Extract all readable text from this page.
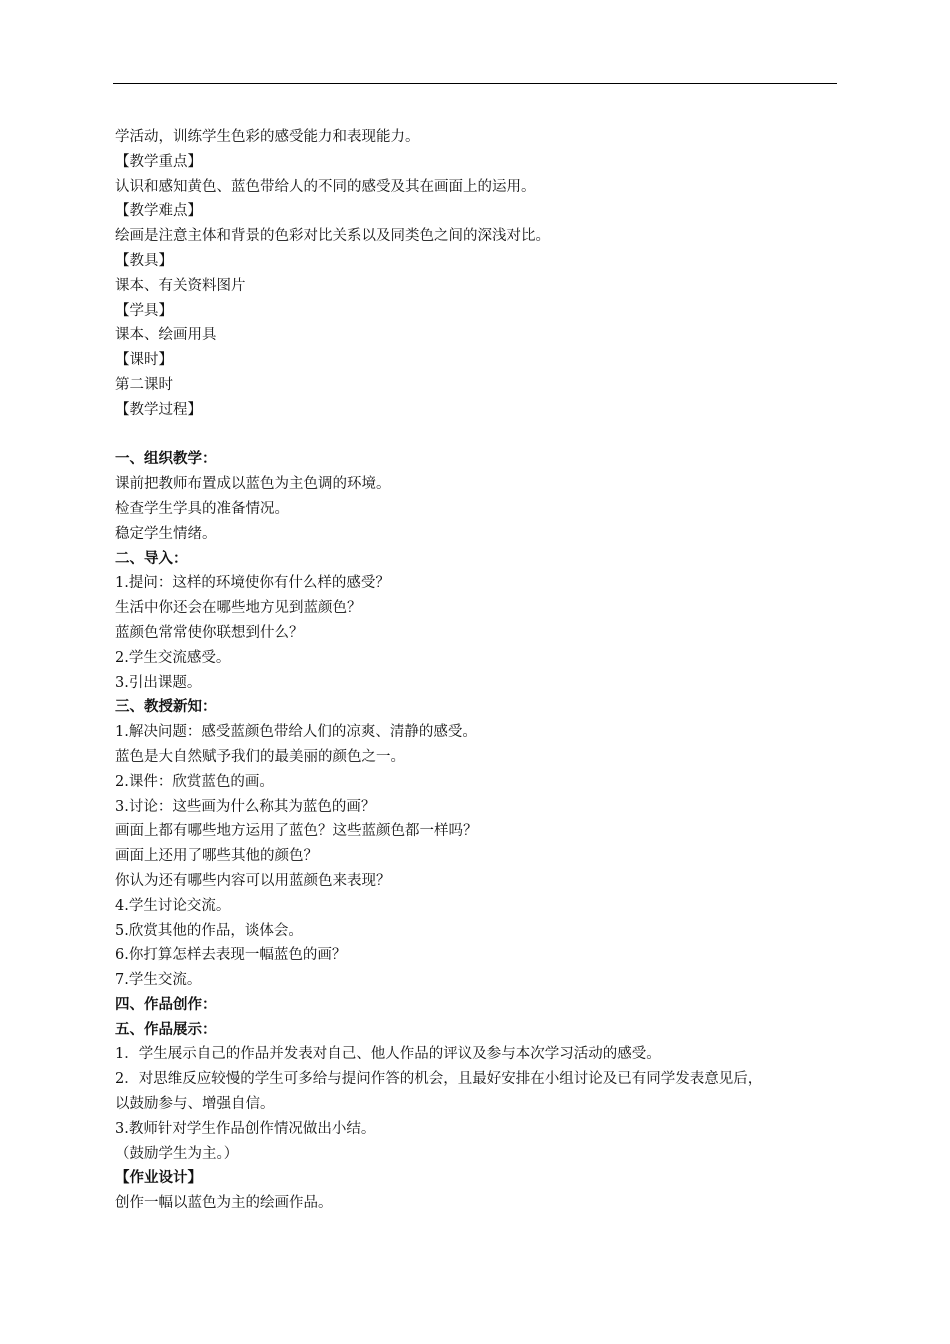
学活动，训练学生色彩的感受能力和表现能力。
【教学重点】
认识和感知黄色、蓝色带给人的不同的感受及其在画面上的运用。
【教学难点】
绘画是注意主体和背景的色彩对比关系以及同类色之间的深浅对比。
【教具】
课本、有关资料图片
【学具】
课本、绘画用具
【课时】
第二课时
【教学过程】
一、组织教学：
课前把教师布置成以蓝色为主色调的环境。
检查学生学具的准备情况。
稳定学生情绪。
二、导入：
1.提问：这样的环境使你有什么样的感受？
生活中你还会在哪些地方见到蓝颜色？
蓝颜色常常使你联想到什么？
2.学生交流感受。
3.引出课题。
三、教授新知：
1.解决问题：感受蓝颜色带给人们的凉爽、清静的感受。
蓝色是大自然赋予我们的最美丽的颜色之一。
2.课件：欣赏蓝色的画。
3.讨论：这些画为什么称其为蓝色的画？
画面上都有哪些地方运用了蓝色？这些蓝颜色都一样吗？
画面上还用了哪些其他的颜色？
你认为还有哪些内容可以用蓝颜色来表现？
4.学生讨论交流。
5.欣赏其他的作品，谈体会。
6.你打算怎样去表现一幅蓝色的画？
7.学生交流。
四、作品创作：
五、作品展示：
1．学生展示自己的作品并发表对自己、他人作品的评议及参与本次学习活动的感受。
2．对思维反应较慢的学生可多给与提问作答的机会，且最好安排在小组讨论及已有同学发表意见后，
以鼓励参与、增强自信。
3.教师针对学生作品创作情况做出小结。
（鼓励学生为主。）
【作业设计】
创作一幅以蓝色为主的绘画作品。
